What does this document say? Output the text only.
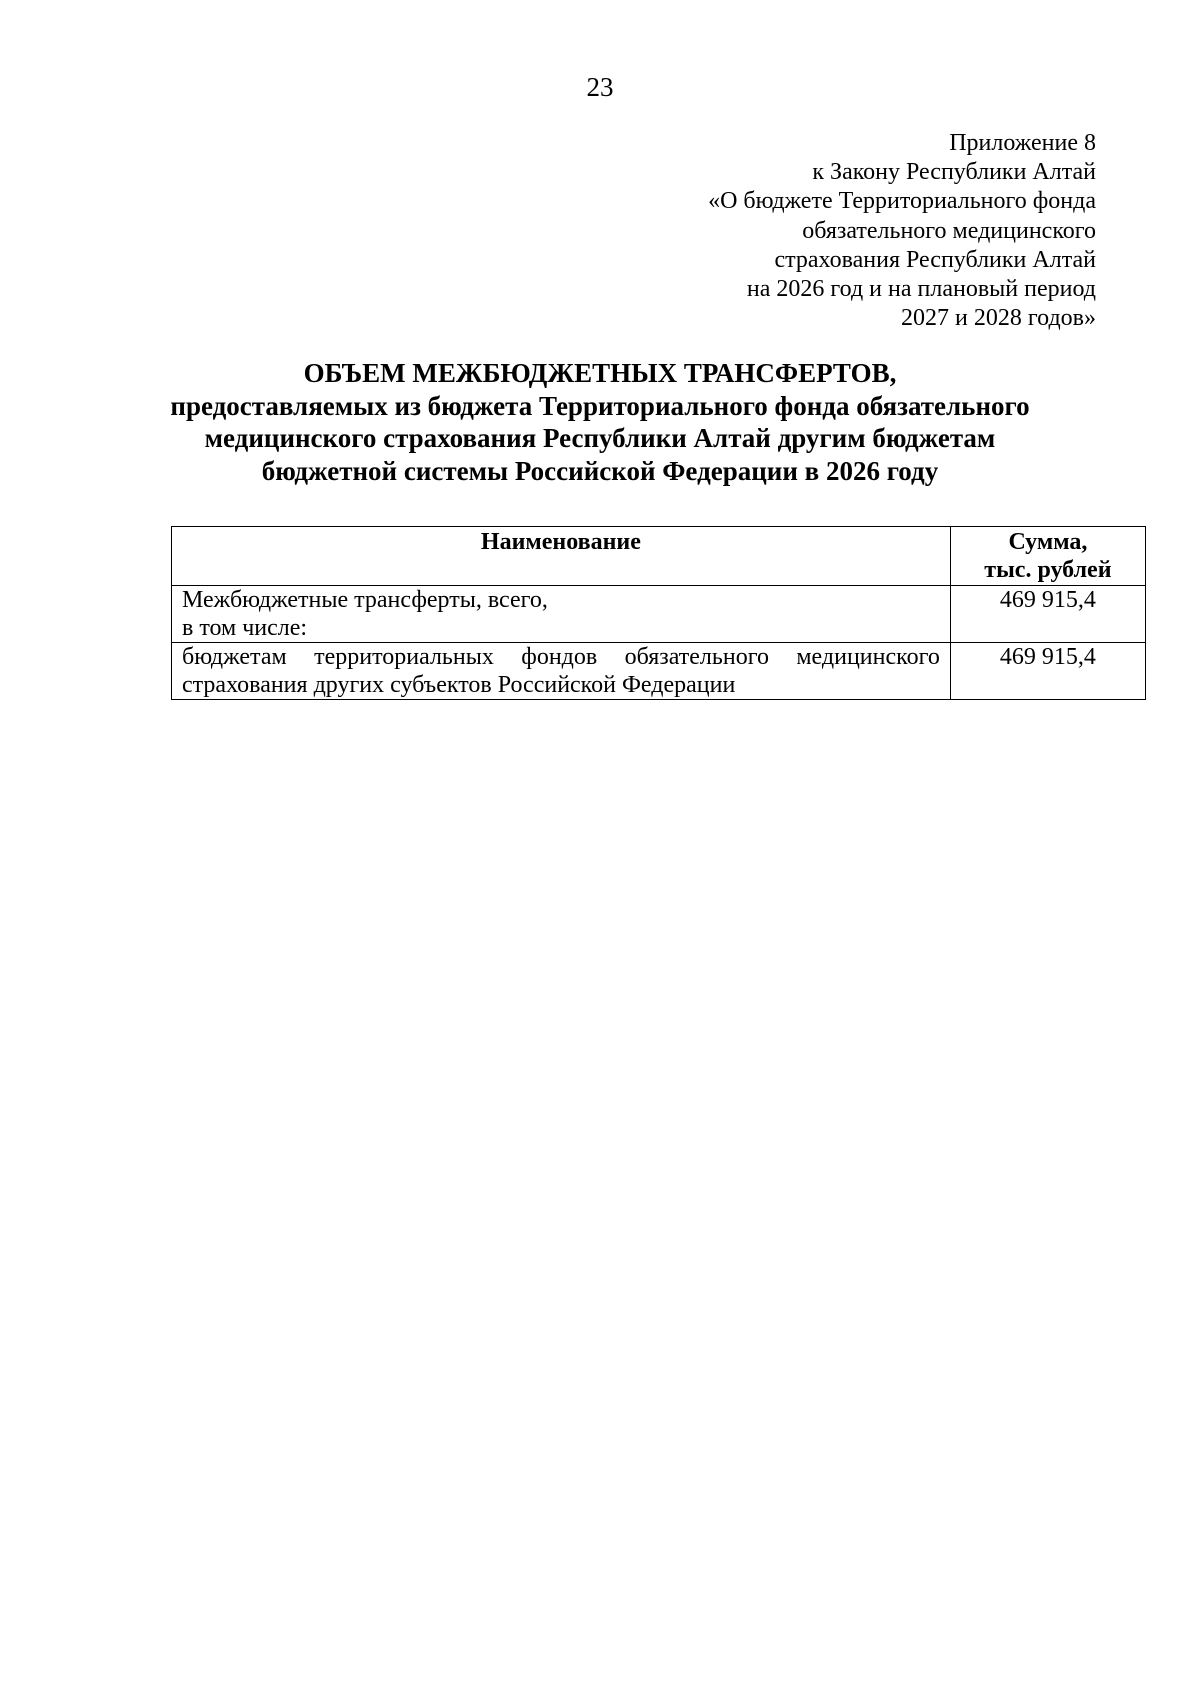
23
Приложение 8
к Закону Республики Алтай
«О бюджете Территориального фонда
обязательного медицинского
страхования Республики Алтай
на 2026 год и на плановый период
2027 и 2028 годов»
ОБЪЕМ МЕЖБЮДЖЕТНЫХ ТРАНСФЕРТОВ,
предоставляемых из бюджета Территориального фонда обязательного
медицинского страхования Республики Алтай другим бюджетам
бюджетной системы Российской Федерации в 2026 году
Наименование	Сумма,
тыс. рублей

Межбюджетные трансферты, всего,
в том числе:	469 915,4
бюджетам территориальных фондов обязательного медицинского страхования других субъектов Российской Федерации	469 915,4
